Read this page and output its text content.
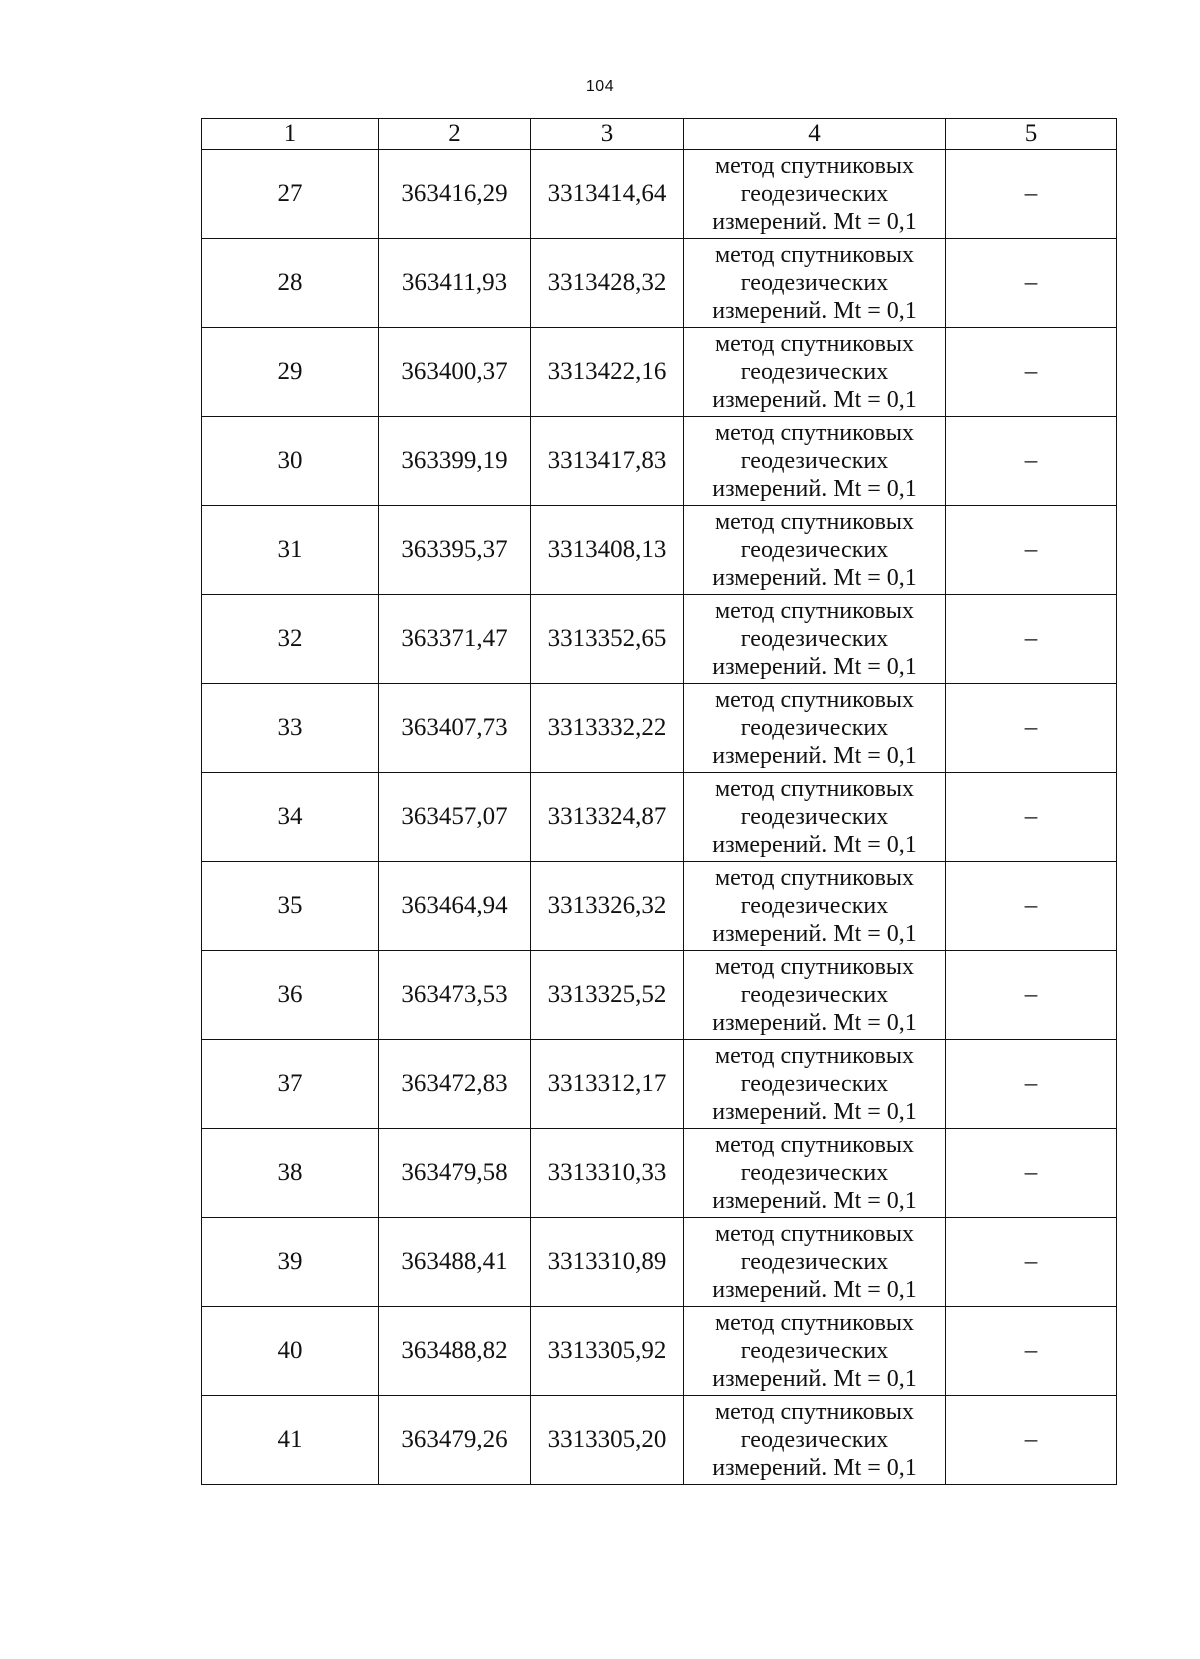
104
1	2	3	4	5
27	363416,29	3313414,64	метод спутниковых
геодезических
измерений. Mt = 0,1	–
28	363411,93	3313428,32	метод спутниковых
геодезических
измерений. Mt = 0,1	–
29	363400,37	3313422,16	метод спутниковых
геодезических
измерений. Mt = 0,1	–
30	363399,19	3313417,83	метод спутниковых
геодезических
измерений. Mt = 0,1	–
31	363395,37	3313408,13	метод спутниковых
геодезических
измерений. Mt = 0,1	–
32	363371,47	3313352,65	метод спутниковых
геодезических
измерений. Mt = 0,1	–
33	363407,73	3313332,22	метод спутниковых
геодезических
измерений. Mt = 0,1	–
34	363457,07	3313324,87	метод спутниковых
геодезических
измерений. Mt = 0,1	–
35	363464,94	3313326,32	метод спутниковых
геодезических
измерений. Mt = 0,1	–
36	363473,53	3313325,52	метод спутниковых
геодезических
измерений. Mt = 0,1	–
37	363472,83	3313312,17	метод спутниковых
геодезических
измерений. Mt = 0,1	–
38	363479,58	3313310,33	метод спутниковых
геодезических
измерений. Mt = 0,1	–
39	363488,41	3313310,89	метод спутниковых
геодезических
измерений. Mt = 0,1	–
40	363488,82	3313305,92	метод спутниковых
геодезических
измерений. Mt = 0,1	–
41	363479,26	3313305,20	метод спутниковых
геодезических
измерений. Mt = 0,1	–
